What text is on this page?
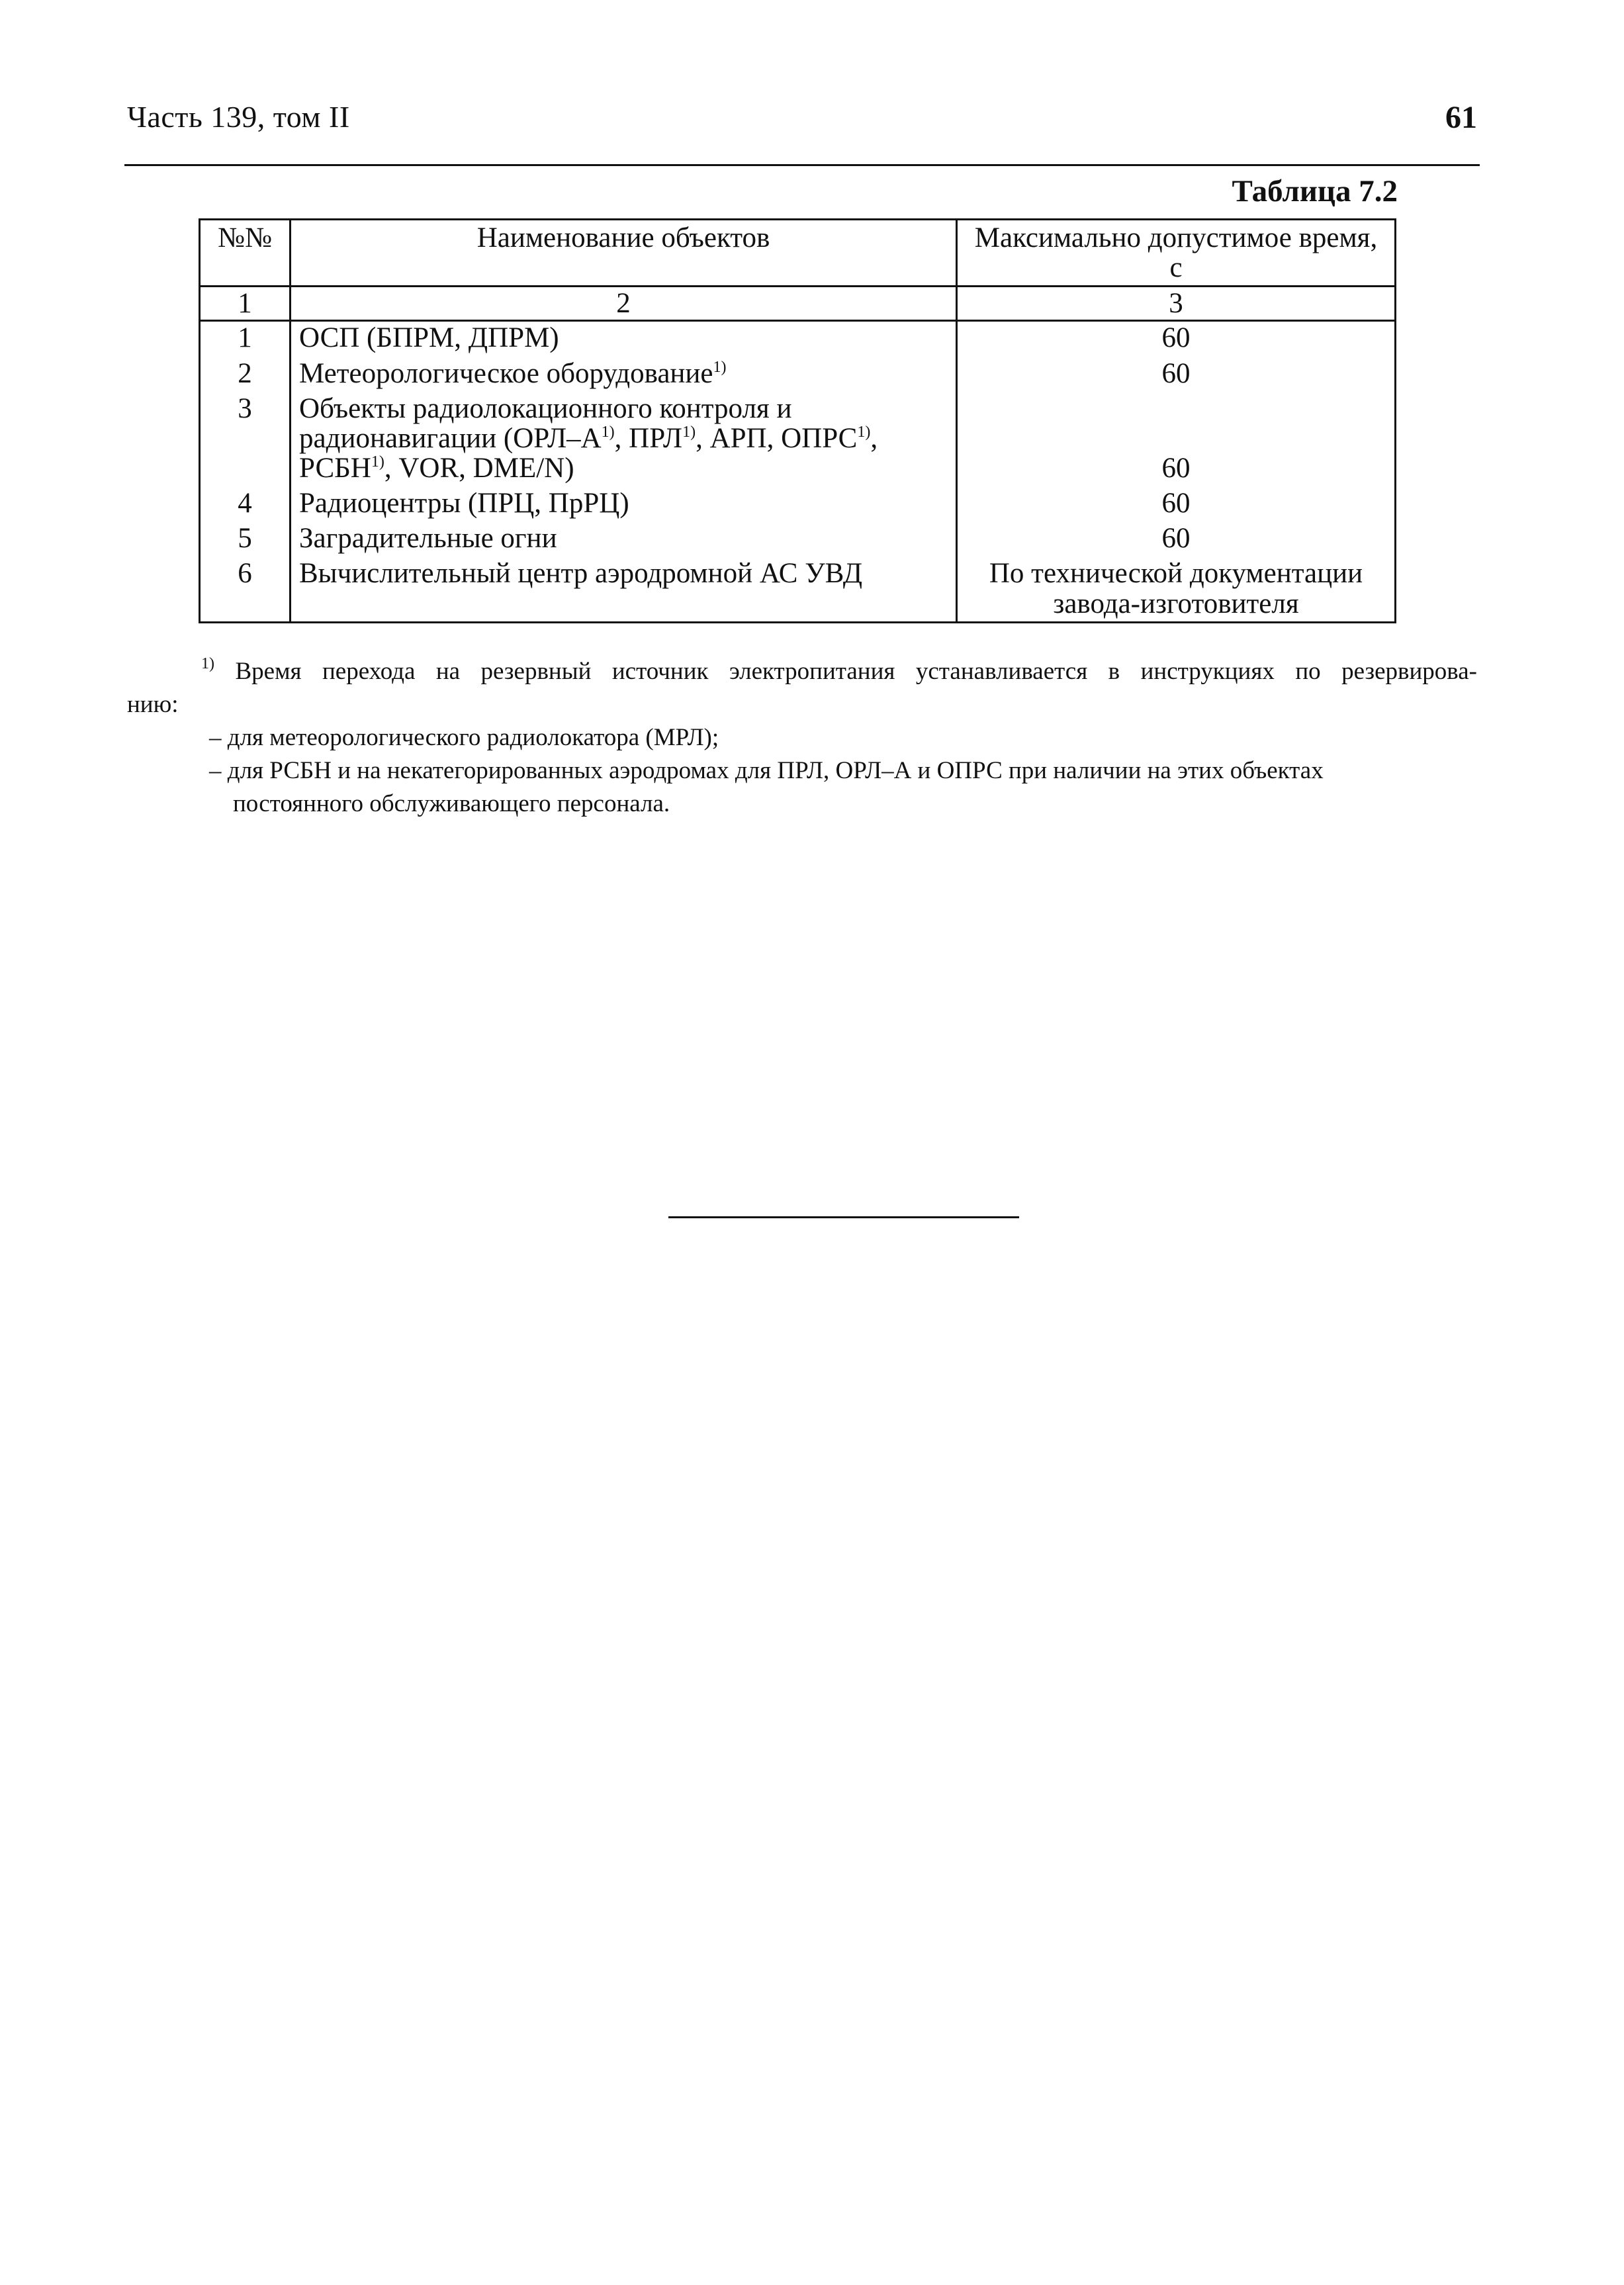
Часть 139, том II	61
Таблица 7.2
№№	Наименование объектов	Максимально допустимое время, с
1	2	3
1	ОСП (БПРМ, ДПРМ)	60
2	Метеорологическое оборудование$^{1)}$	60
3	Объекты радиолокационного контроля и
радионавигации ($ОРЛ-А^{1)}$, ПРЛ$^{1)}$, АРП, ОПРС$^{1)}$,
РСБН$^{1)}$, VOR, DME/N)	60
4	Радиоцентры (ПРЦ, ПрРЦ)	60
5	Заградительные огни	60
6	Вычислительный центр аэродромной АС УВД	По технической документации
завода-изготовителя

$^{1)}$ Время перехода на резервный источник электропитания устанавливается в инструкциях по резервирова-

нию:

– для метеорологического радиолокатора (МРЛ);

– для РСБН и на некатегорированных аэродромах для ПРЛ, ОРЛ–А и ОПРС при наличии на этих объектах постоянного обслуживающего персонала.
